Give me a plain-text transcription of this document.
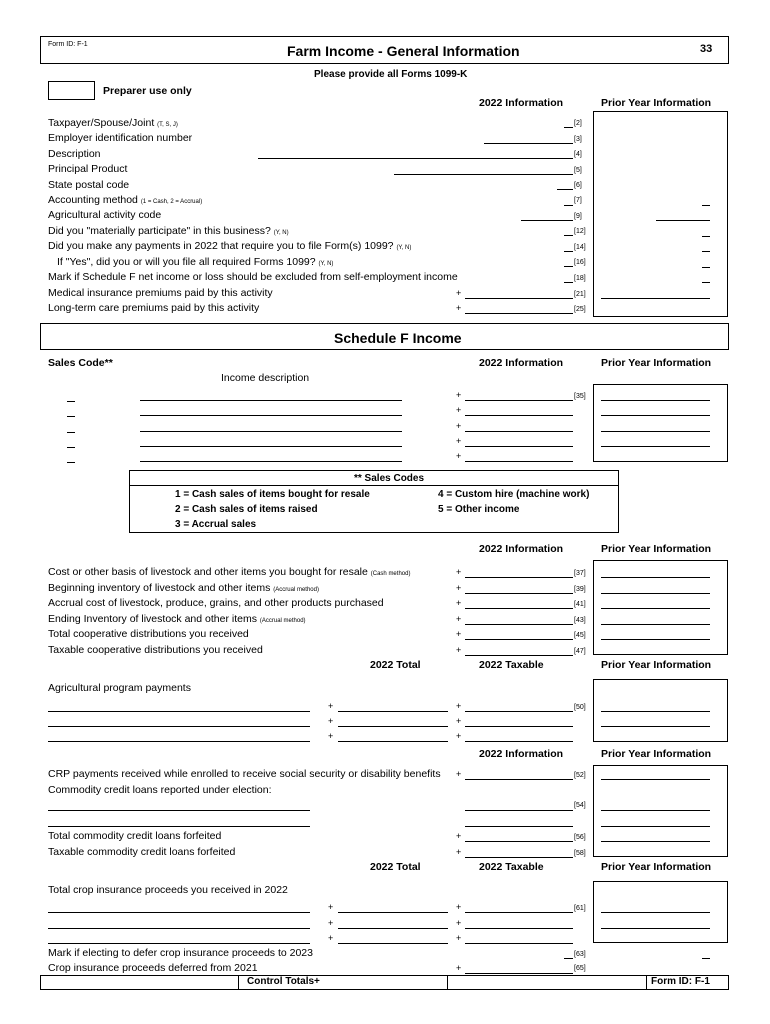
Form ID: F-1	Farm Income - General Information	33
Please provide all Forms 1099-K
Preparer use only
2022 Information	Prior Year Information
Taxpayer/Spouse/Joint (T, S, J)	[2]
Employer identification number	[3]
Description	[4]
Principal Product	[5]
State postal code	[6]
Accounting method (1 = Cash, 2 = Accrual)	[7]
Agricultural activity code	[9]
Did you "materially participate" in this business? (Y, N)	[12]
Did you make any payments in 2022 that require you to file Form(s) 1099? (Y, N)	[14]
If "Yes", did you or will you file all required Forms 1099? (Y, N)	[16]
Mark if Schedule F net income or loss should be excluded from self-employment income	[18]
Medical insurance premiums paid by this activity	+	[21]
Long-term care premiums paid by this activity	+	[25]
Schedule F Income
Sales Code**	2022 Information	Prior Year Information
Income description
+	[35]
+
+
+
+
** Sales Codes
1 = Cash sales of items bought for resale
2 = Cash sales of items raised
3 = Accrual sales
4 = Custom hire (machine work)
5 = Other income
2022 Information	Prior Year Information
Cost or other basis of livestock and other items you bought for resale (Cash method)	+	[37]
Beginning inventory of livestock and other items (Accrual method)	+	[39]
Accrual cost of livestock, produce, grains, and other products purchased	+	[41]
Ending Inventory of livestock and other items (Accrual method)	+	[43]
Total cooperative distributions you received	+	[45]
Taxable cooperative distributions you received	+	[47]
2022 Total	2022 Taxable	Prior Year Information
Agricultural program payments
+	+	[50]
+	+
+	+
2022 Information	Prior Year Information
CRP payments received while enrolled to receive social security or disability benefits +	[52]
Commodity credit loans reported under election:
[54]
Total commodity credit loans forfeited	+	[56]
Taxable commodity credit loans forfeited	+	[58]
2022 Total	2022 Taxable	Prior Year Information
Total crop insurance proceeds you received in 2022
+	+	[61]
+	+
+	+
Mark if electing to defer crop insurance proceeds to 2023	[63]
Crop insurance proceeds deferred from 2021	+	[65]
Control Totals+	Form ID: F-1
